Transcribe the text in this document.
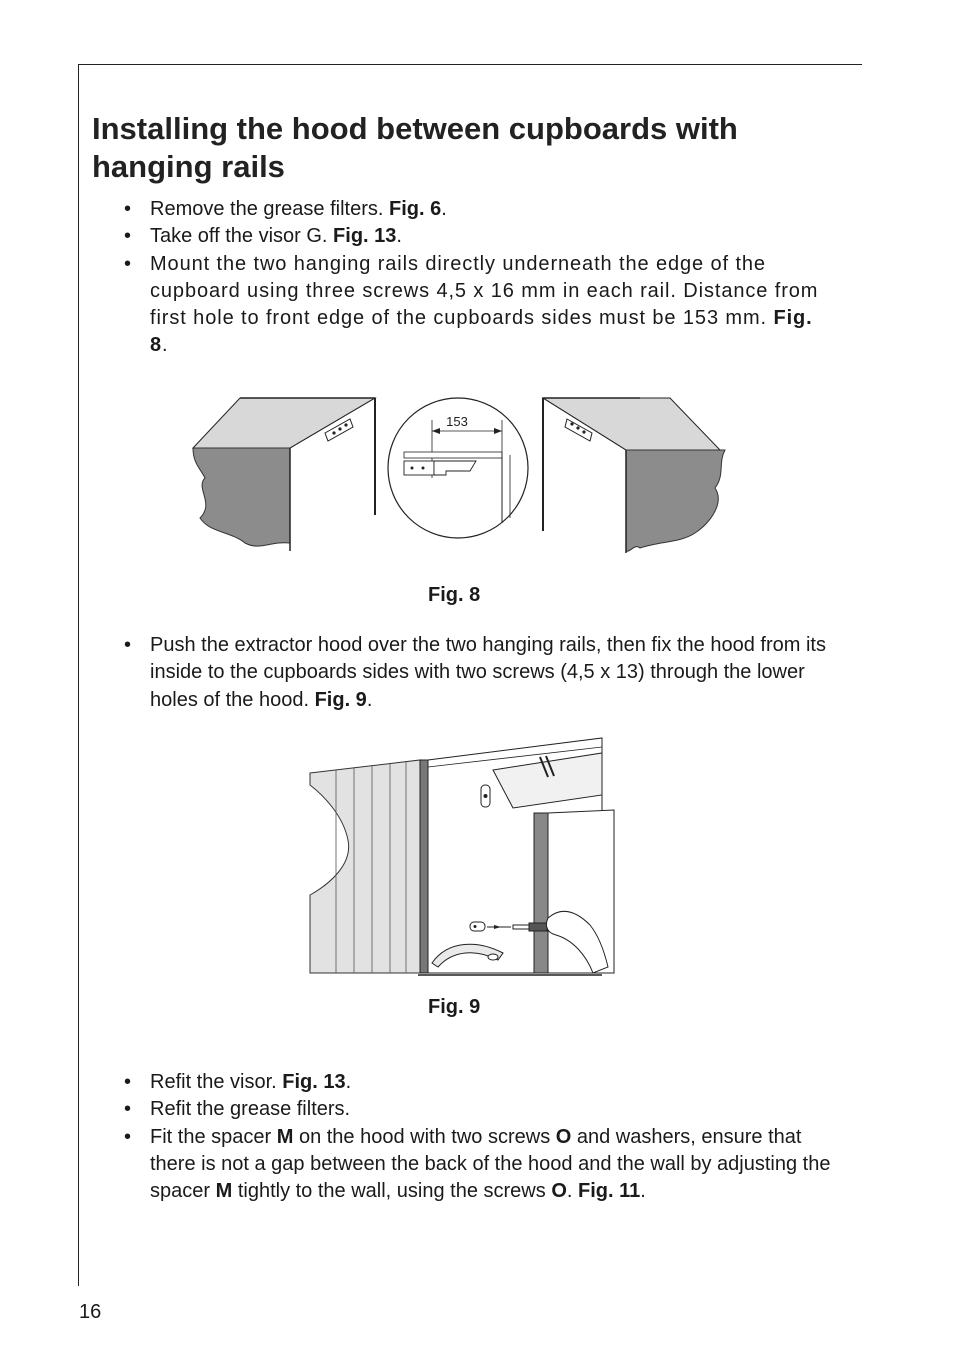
Installing the hood between cupboards with hanging rails
• Remove the grease filters. Fig. 6.
• Take off the visor G. Fig. 13.
• Mount the two hanging rails directly underneath the edge of the cupboard using three screws 4,5 x 16 mm in each rail. Distance from first hole to front edge of the cupboards sides must be 153 mm. Fig. 8.
153
Fig. 8
• Push the extractor hood over the two hanging rails, then fix the hood from its inside to the cupboards sides with two screws (4,5 x 13) through the lower holes of the hood. Fig. 9.
Fig. 9
• Refit the visor. Fig. 13.
• Refit the grease filters.
• Fit the spacer M on the hood with two screws O and washers, ensure that there is not a gap between the back of the hood and the wall by adjusting the spacer M tightly to the wall, using the screws O. Fig. 11.
16
